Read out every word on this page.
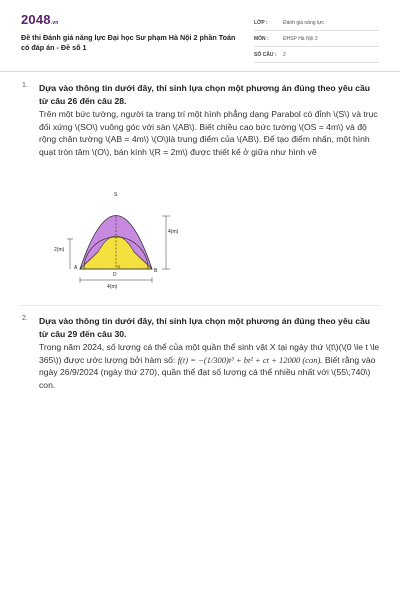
2048.vn
Đề thi Đánh giá năng lực Đại học Sư phạm Hà Nội 2 phần Toán có đáp án - Đề số 1
LỚP :	Đánh giá năng lực
MÔN :	ĐHSP Hà Nội 2
SỐ CÂU : 2
1. Dựa vào thông tin dưới đây, thí sinh lựa chọn một phương án đúng theo yêu cầu từ câu 26 đến câu 28.
Trên một bức tường, người ta trang trí một hình phẳng dạng Parabol có đỉnh \(S\) và trục đối xứng \(SO\) vuông góc với sàn \(AB\). Biết chiều cao bức tường \(OS = 4m\) và độ rộng chân tường \(AB = 4m\) \(O\)là trung điểm của \(AB\). Để tạo điểm nhấn, một hình quạt tròn tâm \(O\), bán kính \(R = 2m\) được thiết kế ở giữa như hình vẽ
S
A	B
D
O
4(m)
2(m)
4(m)
2. Dựa vào thông tin dưới đây, thí sinh lựa chọn một phương án đúng theo yêu cầu từ câu 29 đến câu 30.
Trong năm 2024, số lượng cá thể của một quần thể sinh vật X tại ngày thứ \(t\)(\(0 \le t \le 365\)) được ước lượng bởi hàm số: f(t) = −(1/300)t³ + bt² + ct + 12000 (con). Biết rằng vào ngày 26/9/2024 (ngày thứ 270), quần thể đạt số lượng cá thể nhiều nhất với \(55\;740\) con.
